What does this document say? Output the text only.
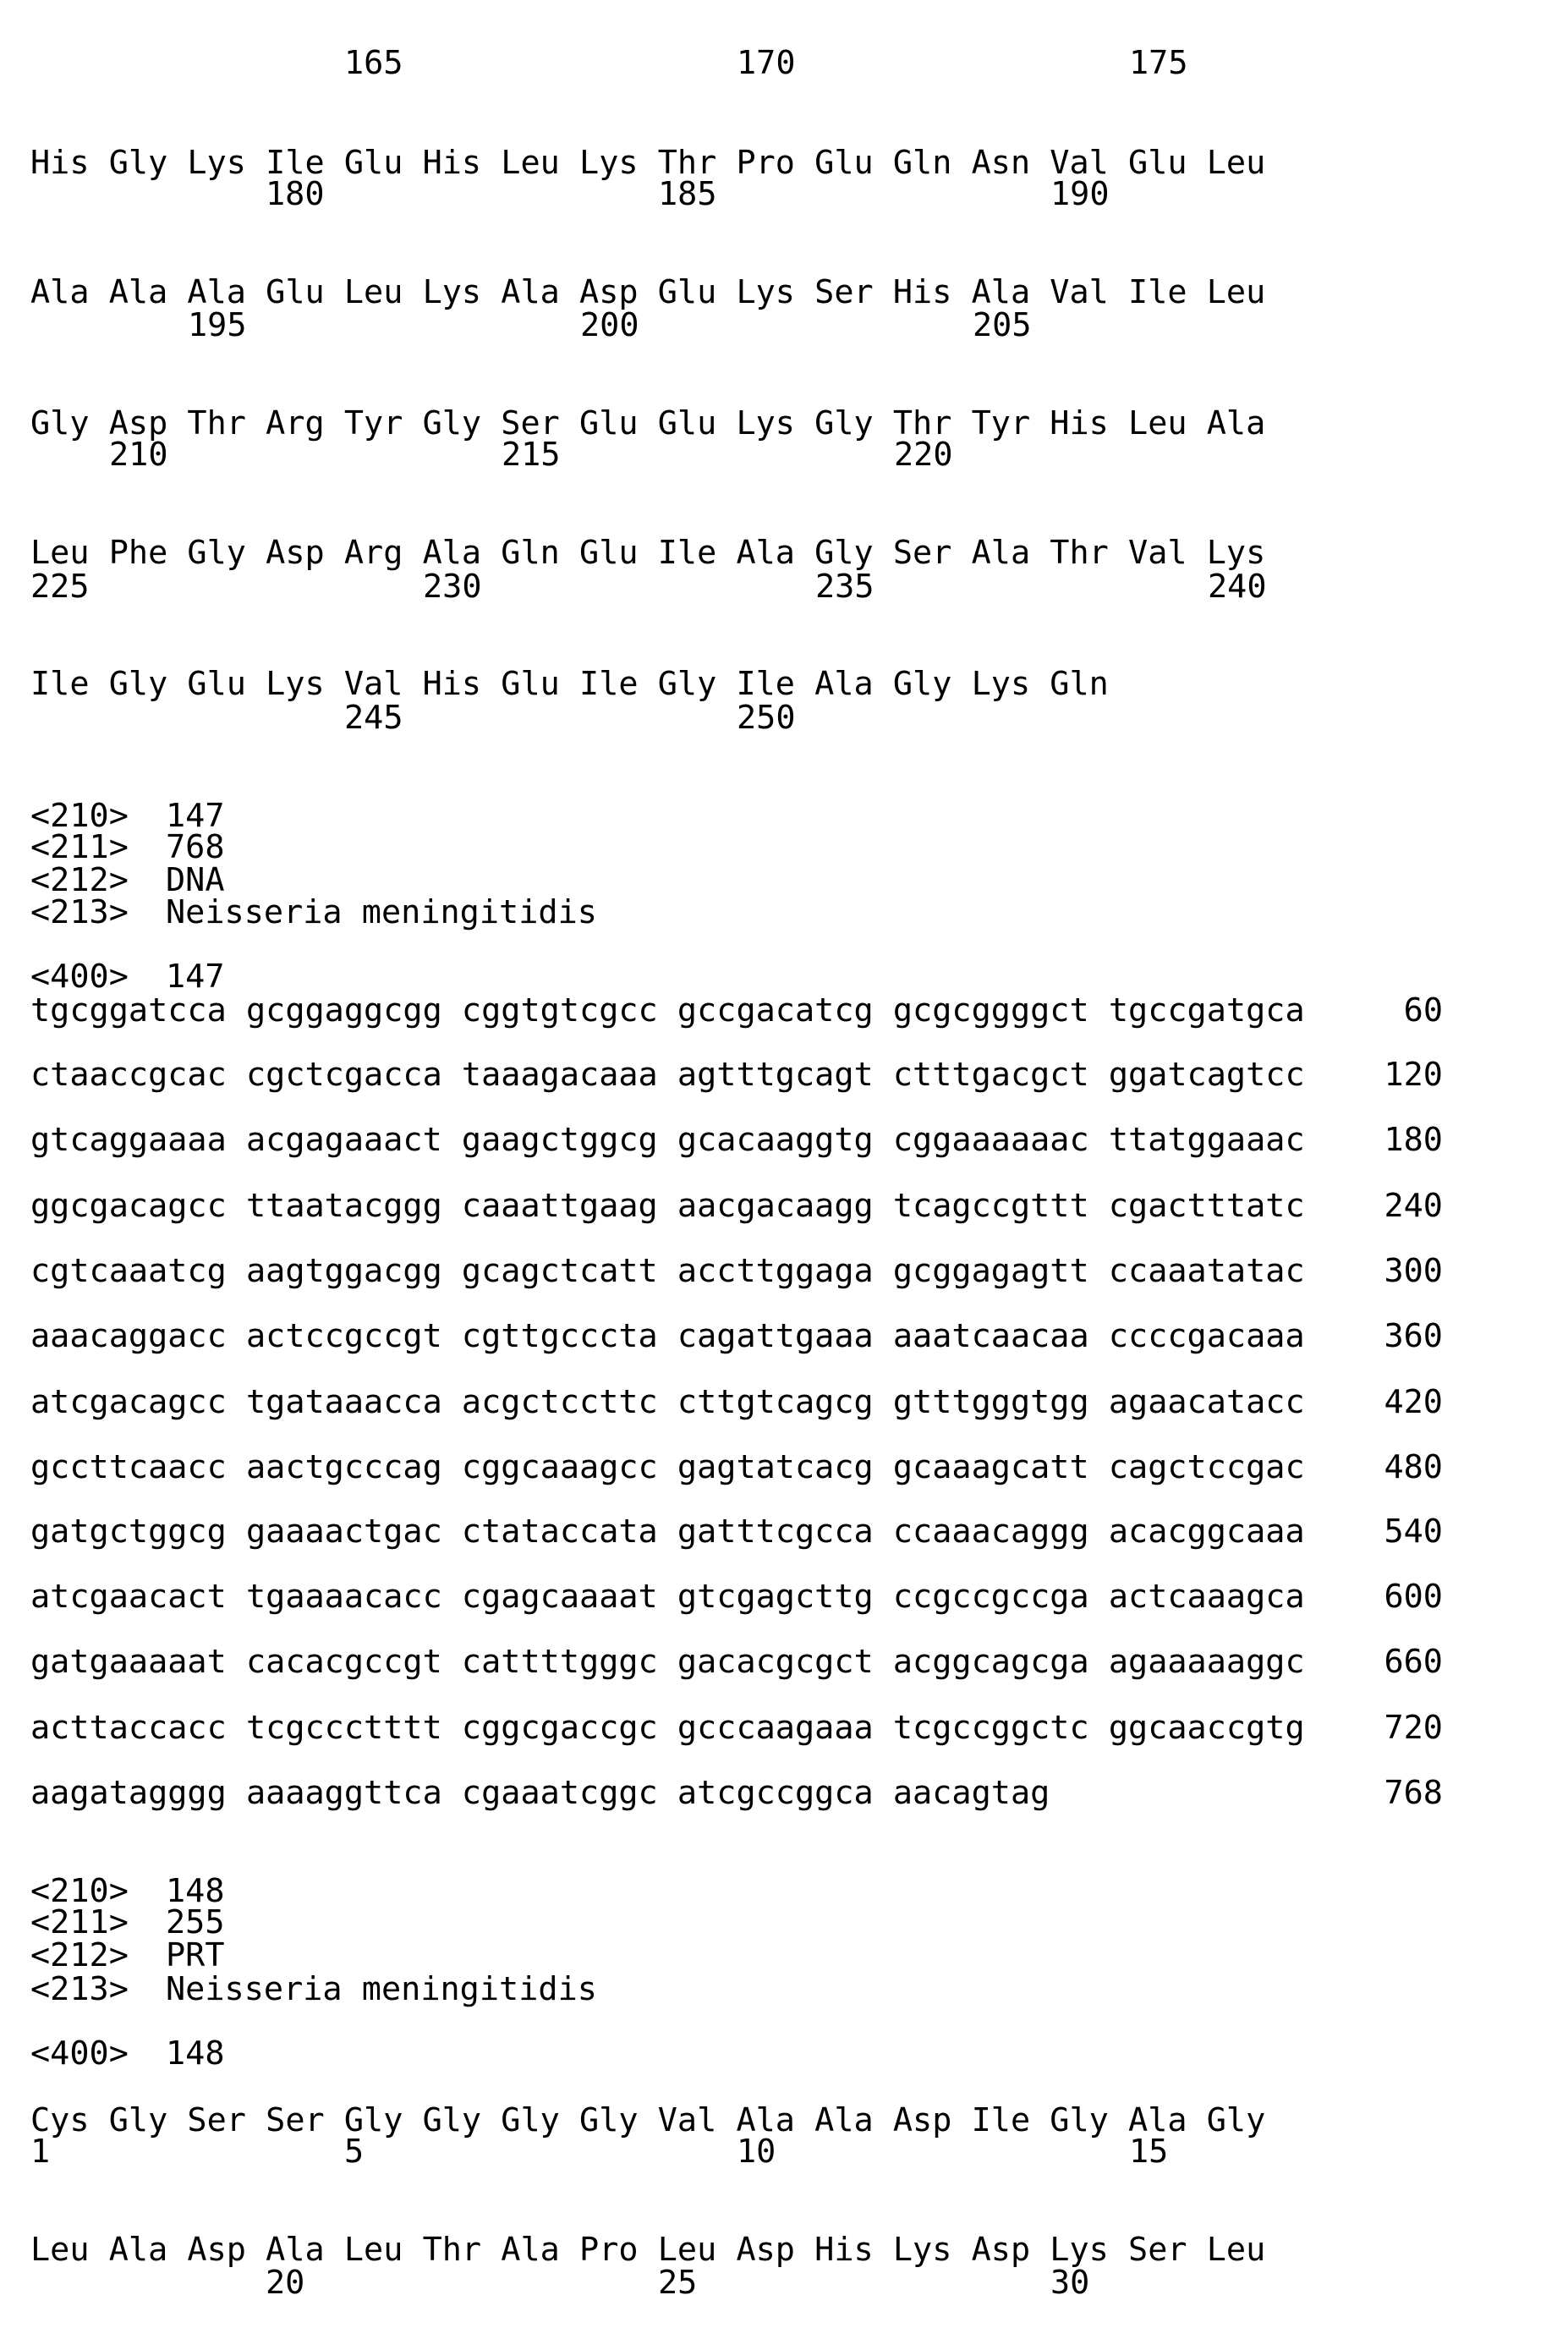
165	170	175
His Gly Lys Ile Glu His Leu Lys Thr Pro Glu Gln Asn Val Glu Leu
180	185	190
Ala Ala Ala Glu Leu Lys Ala Asp Glu Lys Ser His Ala Val Ile Leu
195	200	205
Gly Asp Thr Arg Tyr Gly Ser Glu Glu Lys Gly Thr Tyr His Leu Ala
210	215	220
Leu Phe Gly Asp Arg Ala Gln Glu Ile Ala Gly Ser Ala Thr Val Lys
225	230	235	240
Ile Gly Glu Lys Val His Glu Ile Gly Ile Ala Gly Lys Gln
245	250
<210> 147
<211> 768
<212> DNA
<213> Neisseria meningitidis
<400> 147
tgcggatcca gcggaggcgg cggtgtcgcc gccgacatcg gcgcggggct tgccgatgca	60
ctaaccgcac cgctcgacca taaagacaaa agtttgcagt ctttgacgct ggatcagtcc 120
gtcaggaaaa acgagaaact gaagctggcg gcacaaggtg cggaaaaaac ttatggaaac 180
ggcgacagcc ttaatacggg caaattgaag aacgacaagg tcagccgttt cgactttatc 240
cgtcaaatcg aagtggacgg gcagctcatt accttggaga gcggagagtt ccaaatatac 300
aaacaggacc actccgccgt cgttgcccta cagattgaaa aaatcaacaa ccccgacaaa 360
atcgacagcc tgataaacca acgctccttc cttgtcagcg gtttgggtgg agaacatacc 420
gccttcaacc aactgcccag cggcaaagcc gagtatcacg gcaaagcatt cagctccgac 480
gatgctggcg gaaaactgac ctataccata gatttcgcca ccaaacaggg acacggcaaa 540
atcgaacact tgaaaacacc cgagcaaaat gtcgagcttg ccgccgccga actcaaagca 600
gatgaaaaat cacacgccgt cattttgggc gacacgcgct acggcagcga agaaaaaggc 660
acttaccacc tcgccctttt cggcgaccgc gcccaagaaa tcgccggctc ggcaaccgtg 720
aagatagggg aaaaggttca cgaaatcggc atcgccggca aacagtag	768
<210> 148
<211> 255
<212> PRT
<213> Neisseria meningitidis
<400> 148
Cys Gly Ser Ser Gly Gly Gly Gly Val Ala Ala Asp Ile Gly Ala Gly
1	5	10	15
Leu Ala Asp Ala Leu Thr Ala Pro Leu Asp His Lys Asp Lys Ser Leu
20	25	30
